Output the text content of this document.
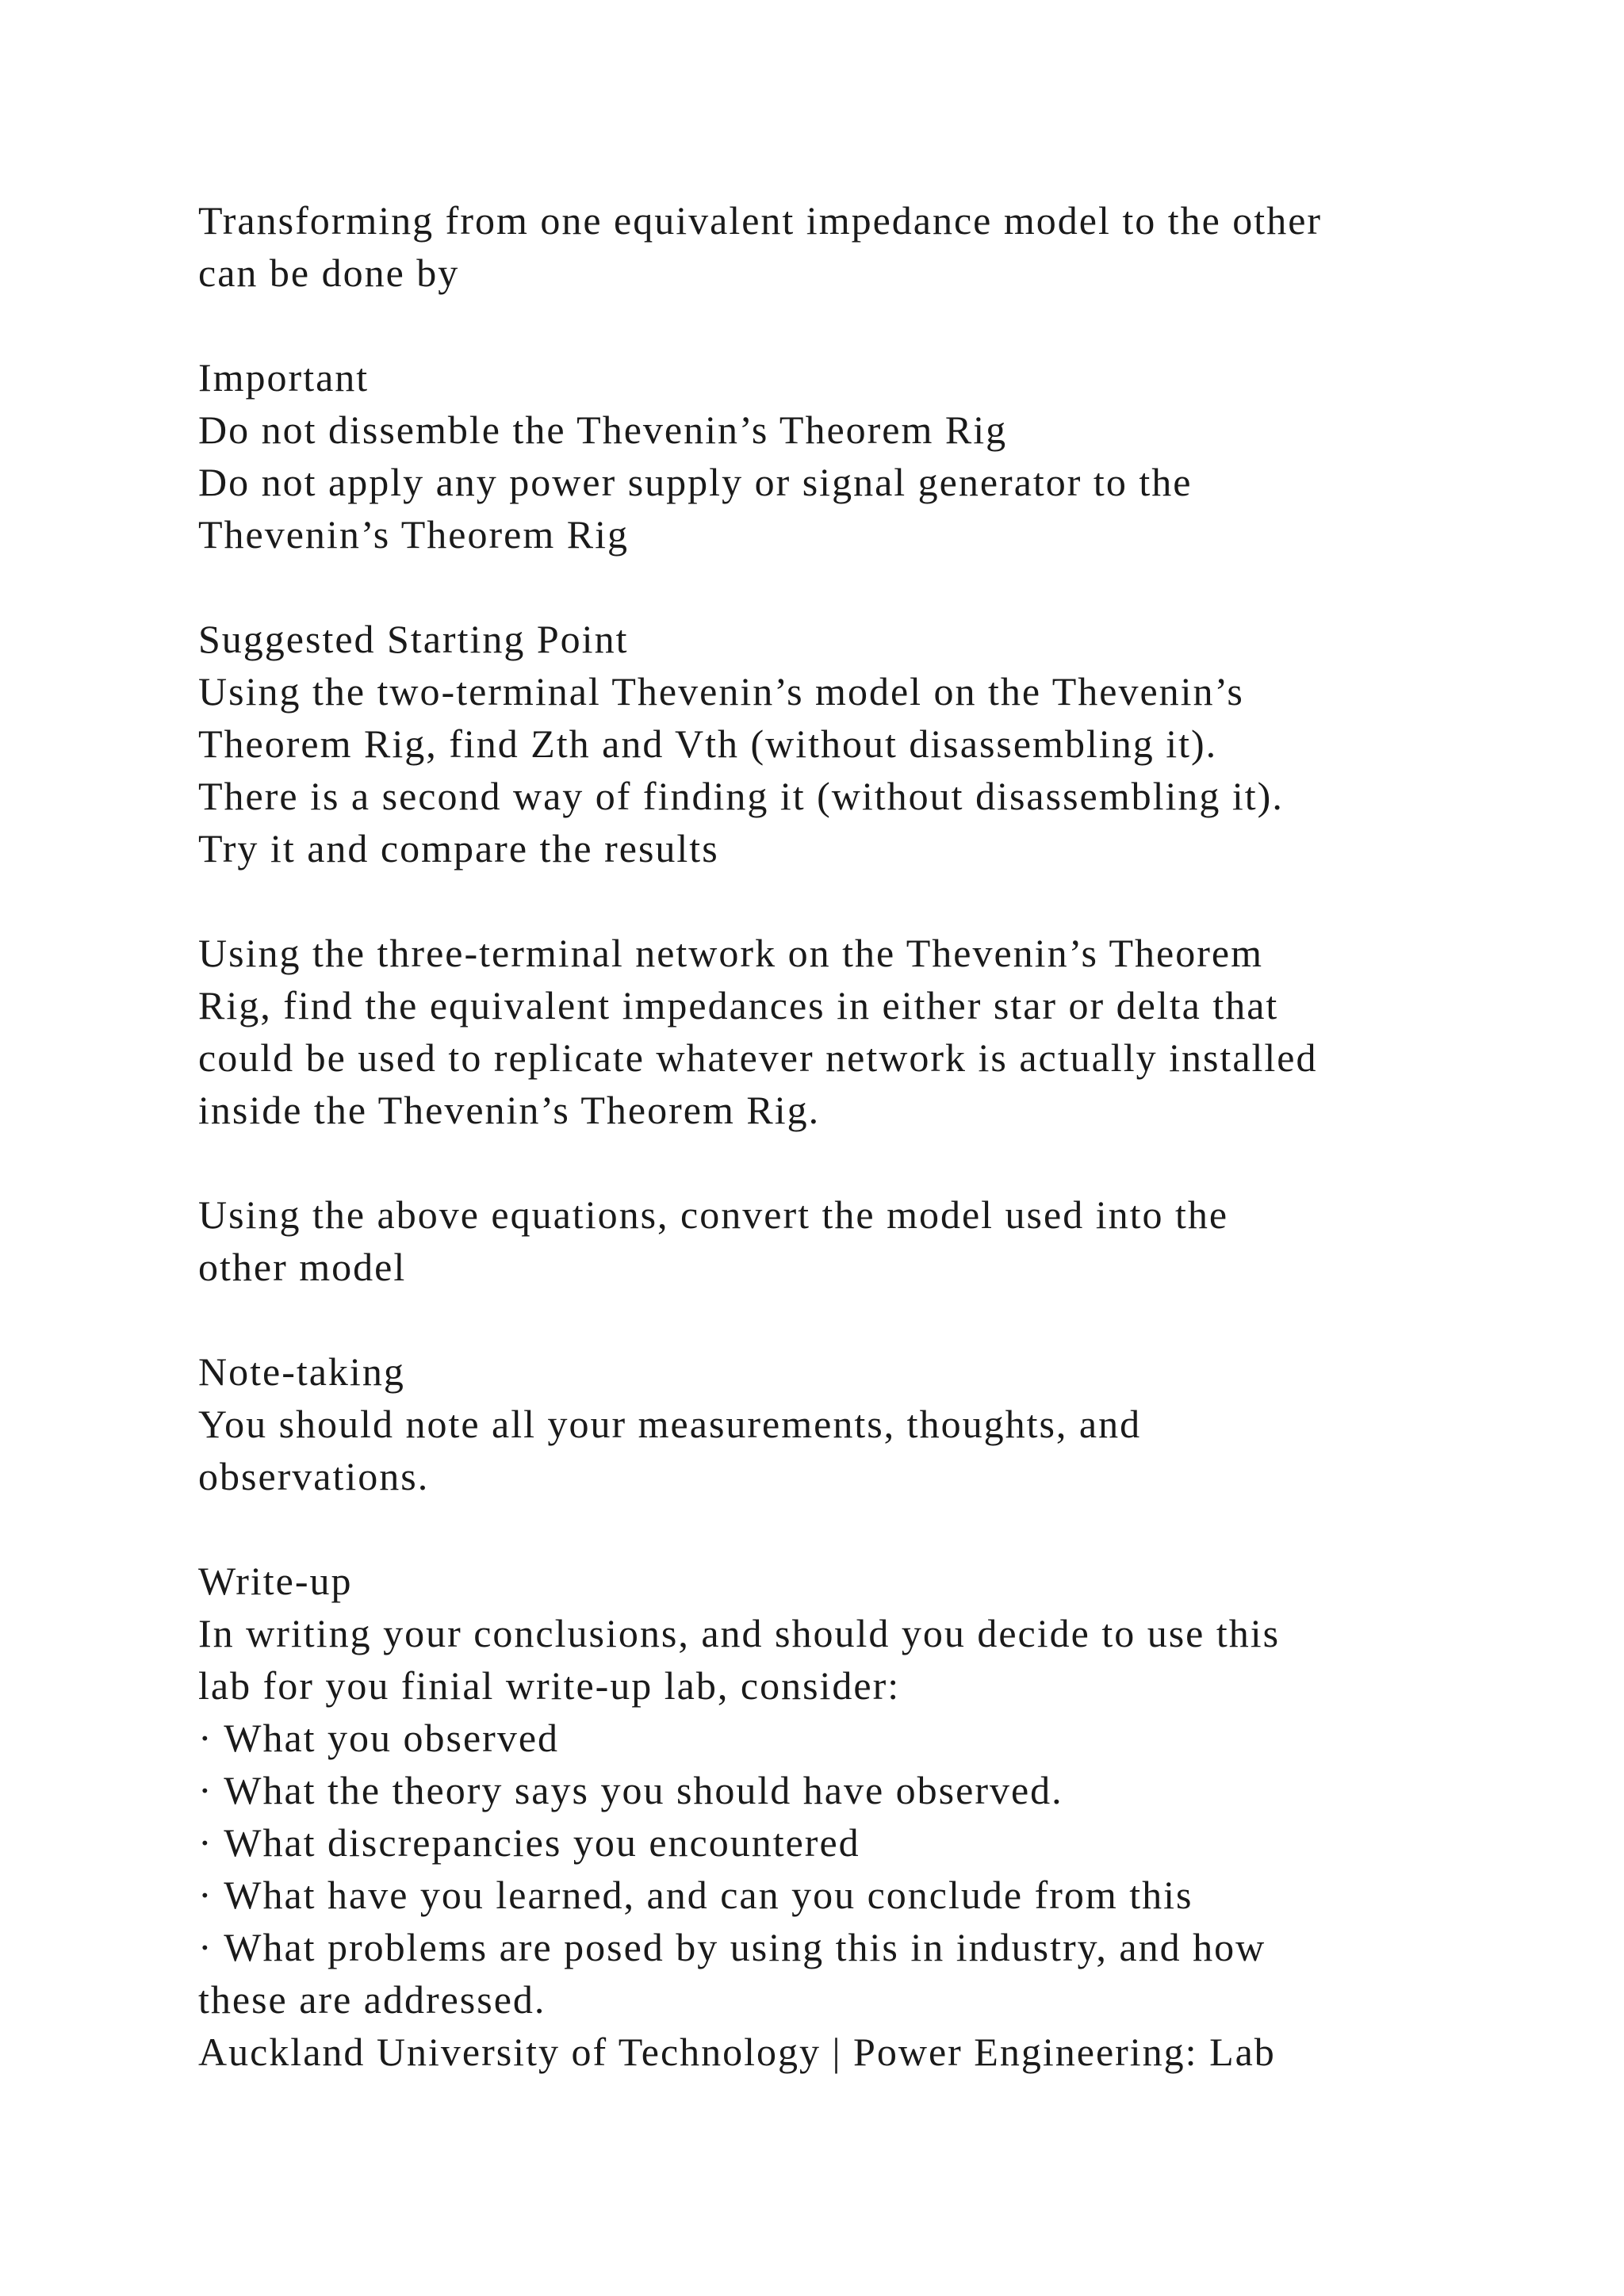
Transforming from one equivalent impedance model to the other
can be done by
Important
Do not dissemble the Thevenin’s Theorem Rig
Do not apply any power supply or signal generator to the
Thevenin’s Theorem Rig
Suggested Starting Point
Using the two-terminal Thevenin’s model on the Thevenin’s
Theorem Rig, find Zth and Vth (without disassembling it).
There is a second way of finding it (without disassembling it).
Try it and compare the results
Using the three-terminal network on the Thevenin’s Theorem
Rig, find the equivalent impedances in either star or delta that
could be used to replicate whatever network is actually installed
inside the Thevenin’s Theorem Rig.
Using the above equations, convert the model used into the
other model
Note-taking
You should note all your measurements, thoughts, and
observations.
Write-up
In writing your conclusions, and should you decide to use this
lab for you finial write-up lab, consider:
· What you observed
· What the theory says you should have observed.
· What discrepancies you encountered
· What have you learned, and can you conclude from this
· What problems are posed by using this in industry, and how
these are addressed.
Auckland University of Technology | Power Engineering: Lab
